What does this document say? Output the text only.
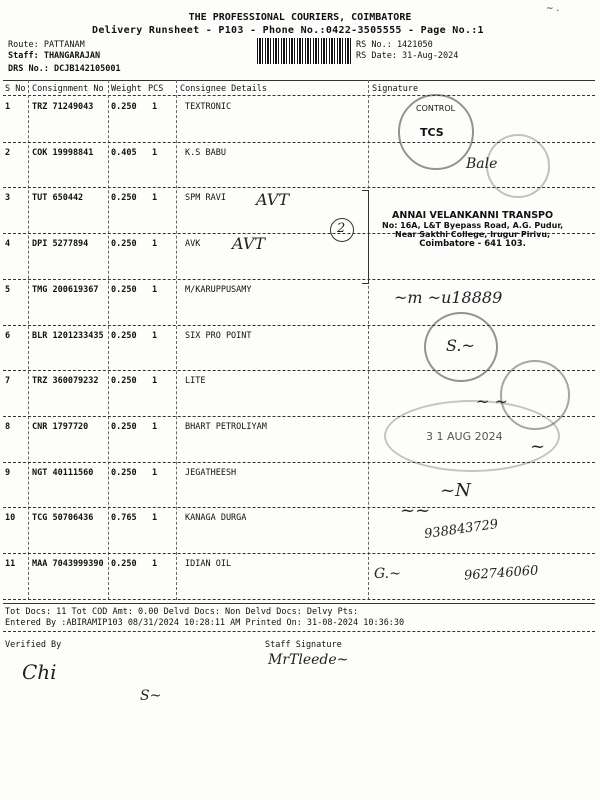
THE PROFESSIONAL COURIERS, COIMBATORE
Delivery Runsheet - P103 - Phone No.:0422-3505555 - Page No.:1
Route: PATTANAM
Staff: THANGARAJAN
DRS No.: DCJB142105001
RS No.: 1421050
RS Date: 31-Aug-2024
~ .
S No Consignment No Weight PCS Consignee Details	Signature
1	TRZ 71249043 0.250 1	TEXTRONIC
2	COK 19998841 0.405 1	K.S BABU
3	TUT 650442	0.250 1	SPM RAVI
4	DPI 5277894	0.250 1	AVK
5	TMG 200619367 0.250 1	M/KARUPPUSAMY
6	BLR 1201233435 0.250 1	SIX PRO POINT
7	TRZ 360079232 0.250 1	LITE
8	CNR 1797720	0.250 1	BHART PETROLIYAM
9	NGT 40111560 0.250 1	JEGATHEESH
10 TCG 50706436 0.765 1	KANAGA DURGA
11 MAA 7043999390 0.250 1	IDIAN OIL
AVT
AVT
2
CONTROL
TCS
ANNAI VELANKANNI TRANSPO
No: 16A, L&T Byepass Road, A.G. Pudur,
Near Sakthi College, Irugur Pirivu,
Coimbatore - 641 103.
3 1 AUG 2024
Bale
~m ~u18889
S.~
~ ~
~
~N
~~
938843729
G.~	962746060
Tot Docs: 11 Tot COD Amt: 0.00 Delvd Docs: Non Delvd Docs: Delvy Pts:
Entered By :ABIRAMIP103 08/31/2024 10:28:11 AM Printed On: 31-08-2024 10:36:30
Verified By	Staff Signature
Chi	MrTleede~
S~
